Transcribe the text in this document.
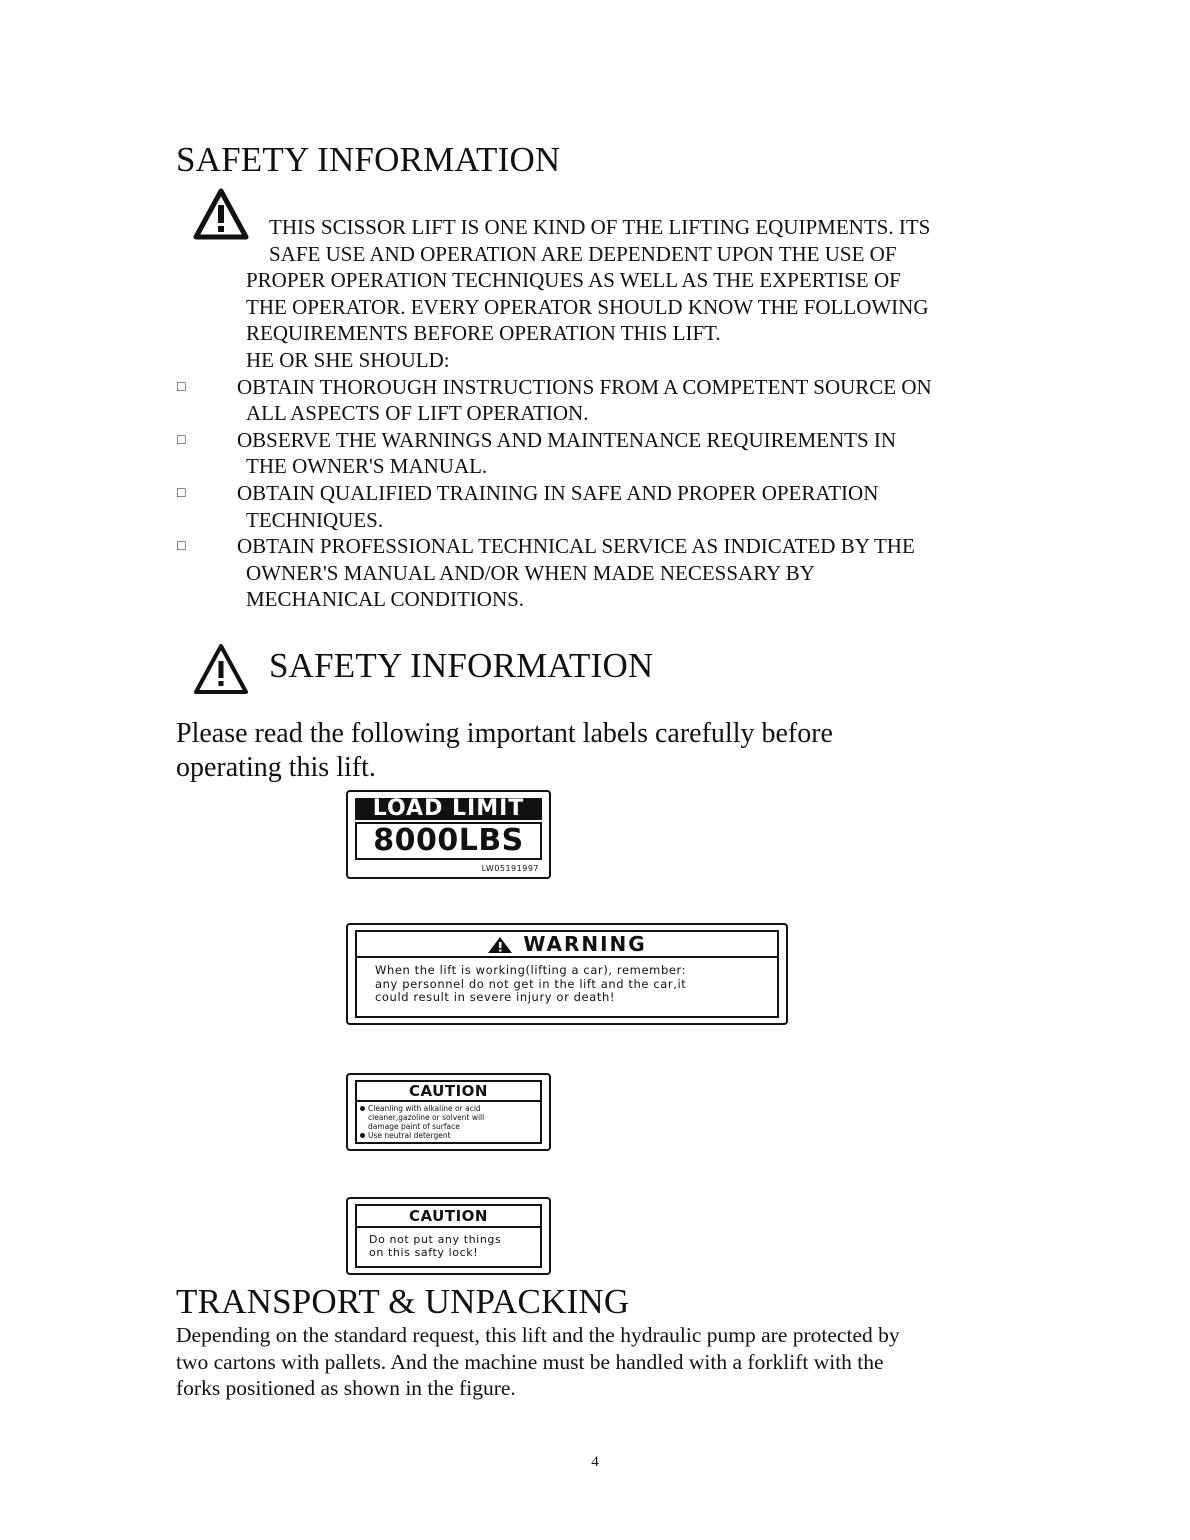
SAFETY INFORMATION
THIS SCISSOR LIFT IS ONE KIND OF THE LIFTING EQUIPMENTS. ITS
SAFE USE AND OPERATION ARE DEPENDENT UPON THE USE OF
PROPER OPERATION TECHNIQUES AS WELL AS THE EXPERTISE OF
THE OPERATOR. EVERY OPERATOR SHOULD KNOW THE FOLLOWING
REQUIREMENTS BEFORE OPERATION THIS LIFT.
HE OR SHE SHOULD:
□ OBTAIN THOROUGH INSTRUCTIONS FROM A COMPETENT SOURCE ON
ALL ASPECTS OF LIFT OPERATION.
□ OBSERVE THE WARNINGS AND MAINTENANCE REQUIREMENTS IN
THE OWNER'S MANUAL.
□ OBTAIN QUALIFIED TRAINING IN SAFE AND PROPER OPERATION
TECHNIQUES.
□ OBTAIN PROFESSIONAL TECHNICAL SERVICE AS INDICATED BY THE
OWNER'S MANUAL AND/OR WHEN MADE NECESSARY BY
MECHANICAL CONDITIONS.
SAFETY INFORMATION
Please read the following important labels carefully before
operating this lift.
LOAD LIMIT
8000LBS
LW05191997
WARNING
When the lift is working(lifting a car), remember:
any personnel do not get in the lift and the car,it
could result in severe injury or death!
CAUTION
Cleanling with alkaline or acid
cleaner,gazoline or solvent will
damage paint of surface
Use neutral detergent
CAUTION
Do not put any things
on this safty lock!
TRANSPORT & UNPACKING
Depending on the standard request, this lift and the hydraulic pump are protected by
two cartons with pallets. And the machine must be handled with a forklift with the
forks positioned as shown in the figure.
4
